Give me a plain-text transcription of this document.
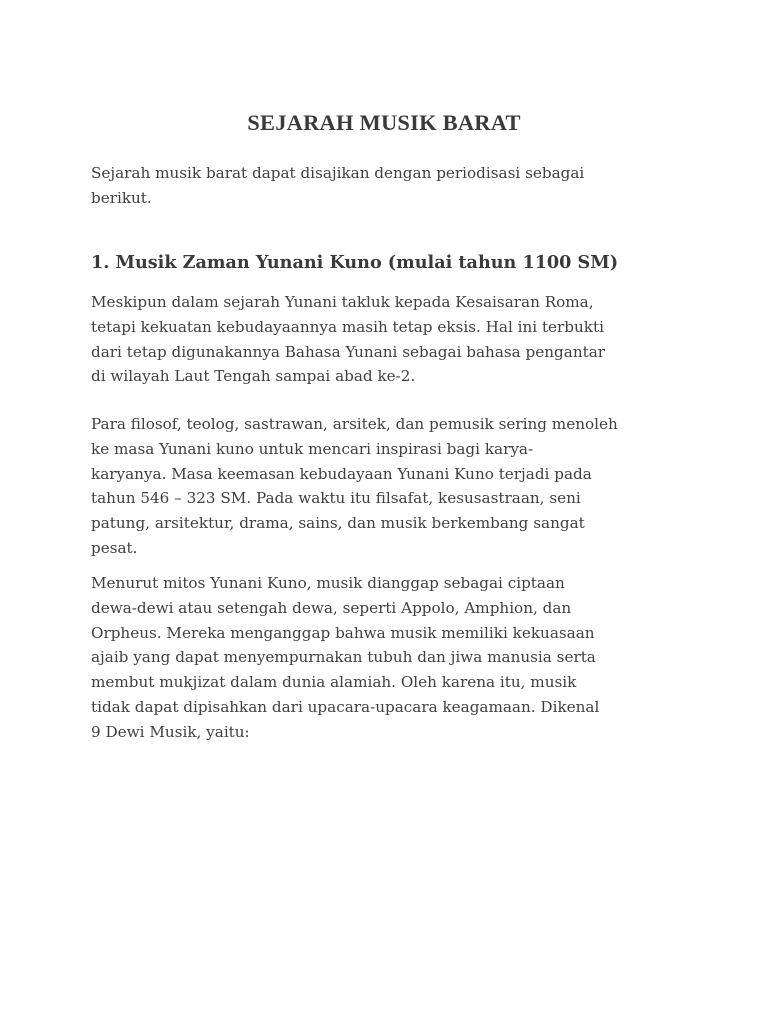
SEJARAH MUSIK BARAT

Sejarah musik barat dapat disajikan dengan periodisasi sebagai
berikut.

1. Musik Zaman Yunani Kuno (mulai tahun 1100 SM)

Meskipun dalam sejarah Yunani takluk kepada Kesaisaran Roma,
tetapi kekuatan kebudayaannya masih tetap eksis. Hal ini terbukti
dari tetap digunakannya Bahasa Yunani sebagai bahasa pengantar
di wilayah Laut Tengah sampai abad ke-2.

Para filosof, teolog, sastrawan, arsitek, dan pemusik sering menoleh
ke masa Yunani kuno untuk mencari inspirasi bagi karya-
karyanya. Masa keemasan kebudayaan Yunani Kuno terjadi pada
tahun 546 – 323 SM. Pada waktu itu filsafat, kesusastraan, seni
patung, arsitektur, drama, sains, dan musik berkembang sangat
pesat.

Menurut mitos Yunani Kuno, musik dianggap sebagai ciptaan
dewa-dewi atau setengah dewa, seperti Appolo, Amphion, dan
Orpheus. Mereka menganggap bahwa musik memiliki kekuasaan
ajaib yang dapat menyempurnakan tubuh dan jiwa manusia serta
membut mukjizat dalam dunia alamiah. Oleh karena itu, musik
tidak dapat dipisahkan dari upacara-upacara keagamaan. Dikenal
9 Dewi Musik, yaitu:
